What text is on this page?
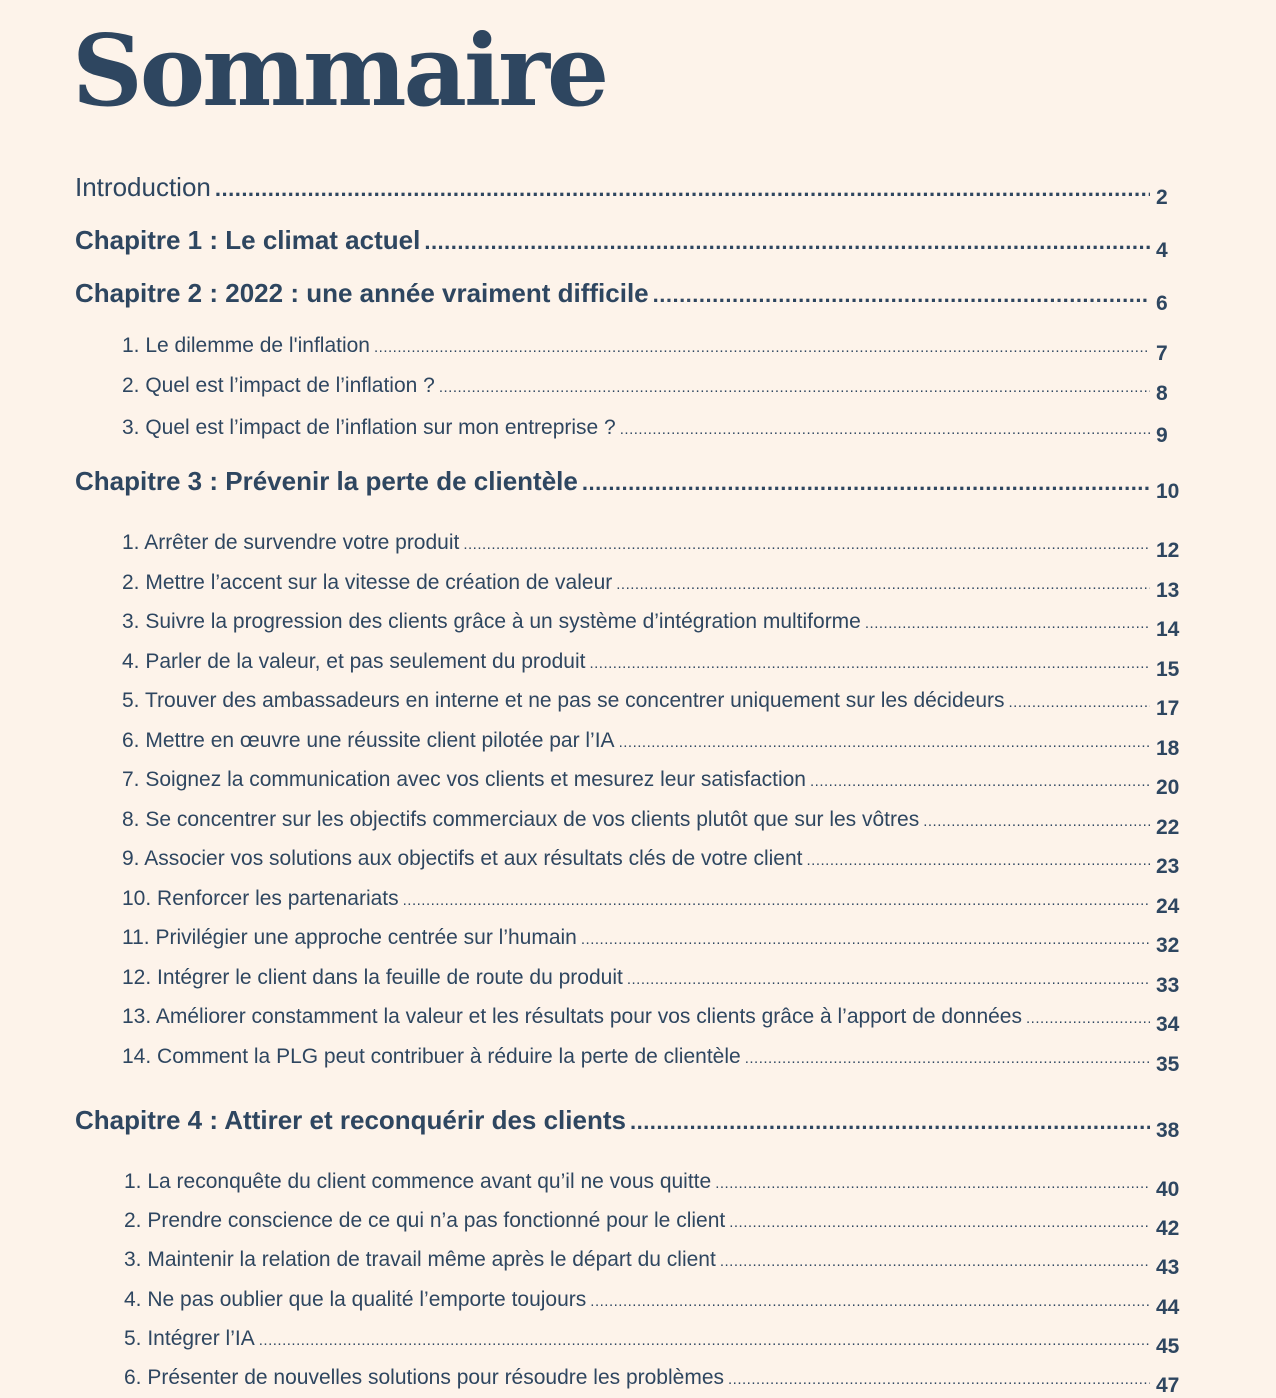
Sommaire
Introduction .....	2
Chapitre 1 : Le climat actuel .....	4
Chapitre 2 : 2022 : une année vraiment difficile .....	6
1. Le dilemme de l'inflation .....	7
2. Quel est l’impact de l’inflation ? .....	8
3. Quel est l’impact de l’inflation sur mon entreprise ? .....	9
Chapitre 3 : Prévenir la perte de clientèle .....	10
1. Arrêter de survendre votre produit .....	12
2. Mettre l’accent sur la vitesse de création de valeur .....	13
3. Suivre la progression des clients grâce à un système d’intégration multiforme .....	14
4. Parler de la valeur, et pas seulement du produit .....	15
5. Trouver des ambassadeurs en interne et ne pas se concentrer uniquement sur les décideurs .....	17
6. Mettre en œuvre une réussite client pilotée par l’IA .....	18
7. Soignez la communication avec vos clients et mesurez leur satisfaction .....	20
8. Se concentrer sur les objectifs commerciaux de vos clients plutôt que sur les vôtres .....	22
9. Associer vos solutions aux objectifs et aux résultats clés de votre client .....	23
10. Renforcer les partenariats .....	24
11. Privilégier une approche centrée sur l’humain .....	32
12. Intégrer le client dans la feuille de route du produit .....	33
13. Améliorer constamment la valeur et les résultats pour vos clients grâce à l’apport de données .....	34
14. Comment la PLG peut contribuer à réduire la perte de clientèle .....	35
Chapitre 4 : Attirer et reconquérir des clients .....	38
1. La reconquête du client commence avant qu’il ne vous quitte .....	40
2. Prendre conscience de ce qui n’a pas fonctionné pour le client .....	42
3. Maintenir la relation de travail même après le départ du client .....	43
4. Ne pas oublier que la qualité l’emporte toujours .....	44
5. Intégrer l’IA .....	45
6. Présenter de nouvelles solutions pour résoudre les problèmes .....	47
